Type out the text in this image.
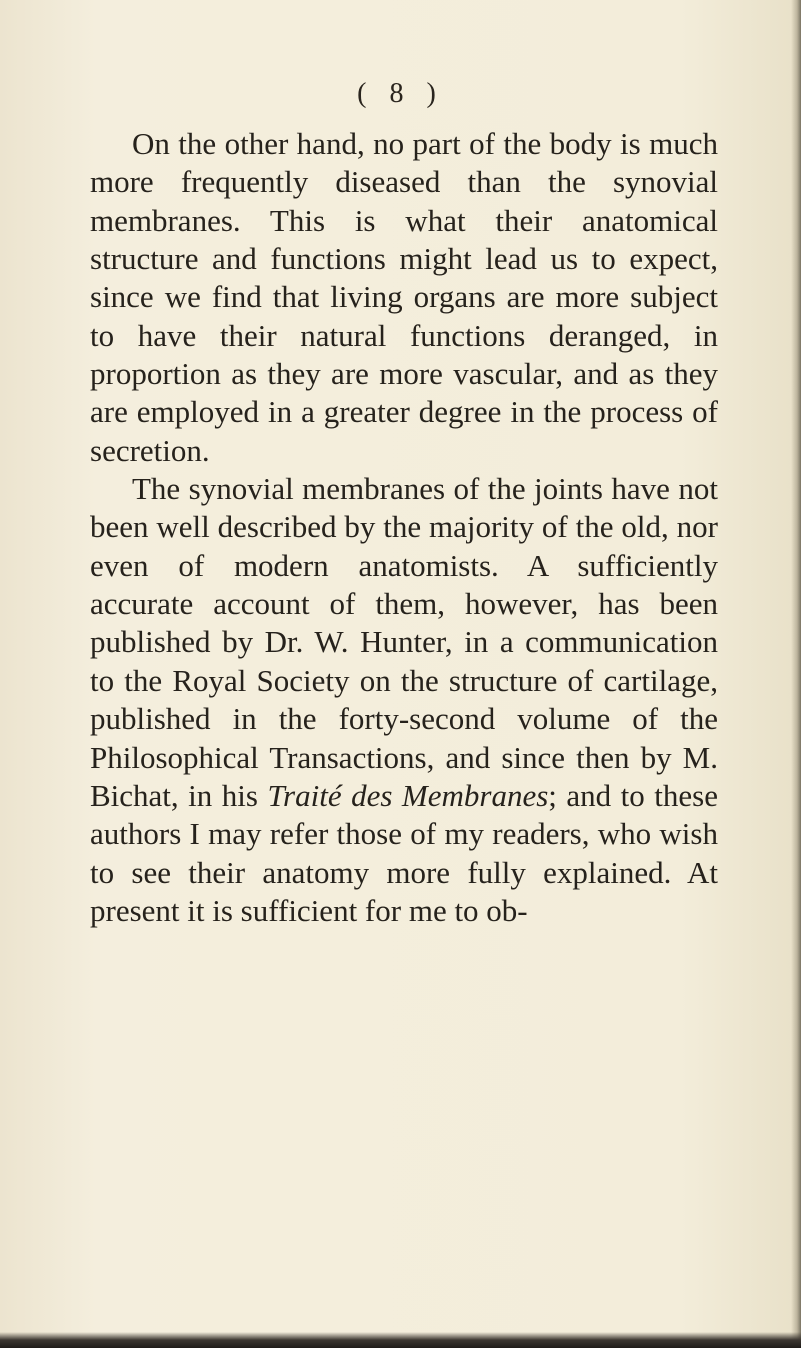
( 8 )

On the other hand, no part of the body is much more frequently diseased than the synovial membranes. This is what their anatomical structure and functions might lead us to expect, since we find that living organs are more subject to have their natural functions deranged, in proportion as they are more vascular, and as they are employed in a greater degree in the process of secretion.

The synovial membranes of the joints have not been well described by the majority of the old, nor even of modern anatomists. A sufficiently accurate account of them, however, has been published by Dr. W. Hunter, in a communication to the Royal Society on the structure of cartilage, published in the forty-second volume of the Philosophical Transactions, and since then by M. Bichat, in his Traité des Membranes; and to these authors I may refer those of my readers, who wish to see their anatomy more fully explained. At present it is sufficient for me to ob-
